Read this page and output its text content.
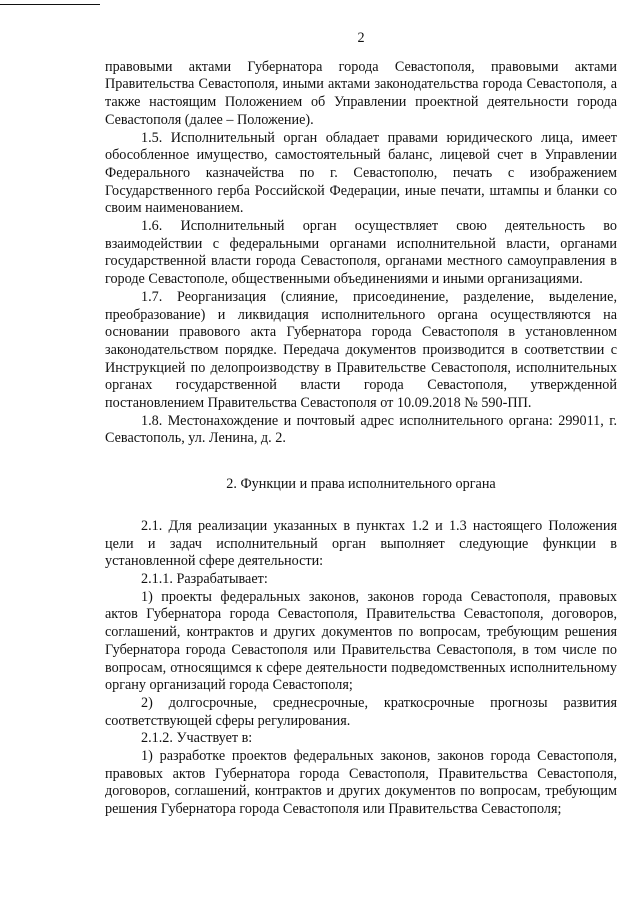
2

правовыми актами Губернатора города Севастополя, правовыми актами Правительства Севастополя, иными актами законодательства города Севастополя, а также настоящим Положением об Управлении проектной деятельности города Севастополя (далее – Положение).

1.5. Исполнительный орган обладает правами юридического лица, имеет обособленное имущество, самостоятельный баланс, лицевой счет в Управлении Федерального казначейства по г. Севастополю, печать с изображением Государственного герба Российской Федерации, иные печати, штампы и бланки со своим наименованием.

1.6. Исполнительный орган осуществляет свою деятельность во взаимодействии с федеральными органами исполнительной власти, органами государственной власти города Севастополя, органами местного самоуправления в городе Севастополе, общественными объединениями и иными организациями.

1.7. Реорганизация (слияние, присоединение, разделение, выделение, преобразование) и ликвидация исполнительного органа осуществляются на основании правового акта Губернатора города Севастополя в установленном законодательством порядке. Передача документов производится в соответствии с Инструкцией по делопроизводству в Правительстве Севастополя, исполнительных органах государственной власти города Севастополя, утвержденной постановлением Правительства Севастополя от 10.09.2018 № 590-ПП.

1.8. Местонахождение и почтовый адрес исполнительного органа: 299011, г. Севастополь, ул. Ленина, д. 2.

2. Функции и права исполнительного органа

2.1. Для реализации указанных в пунктах 1.2 и 1.3 настоящего Положения цели и задач исполнительный орган выполняет следующие функции в установленной сфере деятельности:

2.1.1. Разрабатывает:

1) проекты федеральных законов, законов города Севастополя, правовых актов Губернатора города Севастополя, Правительства Севастополя, договоров, соглашений, контрактов и других документов по вопросам, требующим решения Губернатора города Севастополя или Правительства Севастополя, в том числе по вопросам, относящимся к сфере деятельности подведомственных исполнительному органу организаций города Севастополя;

2) долгосрочные, среднесрочные, краткосрочные прогнозы развития соответствующей сферы регулирования.

2.1.2. Участвует в:

1) разработке проектов федеральных законов, законов города Севастополя, правовых актов Губернатора города Севастополя, Правительства Севастополя, договоров, соглашений, контрактов и других документов по вопросам, требующим решения Губернатора города Севастополя или Правительства Севастополя;
